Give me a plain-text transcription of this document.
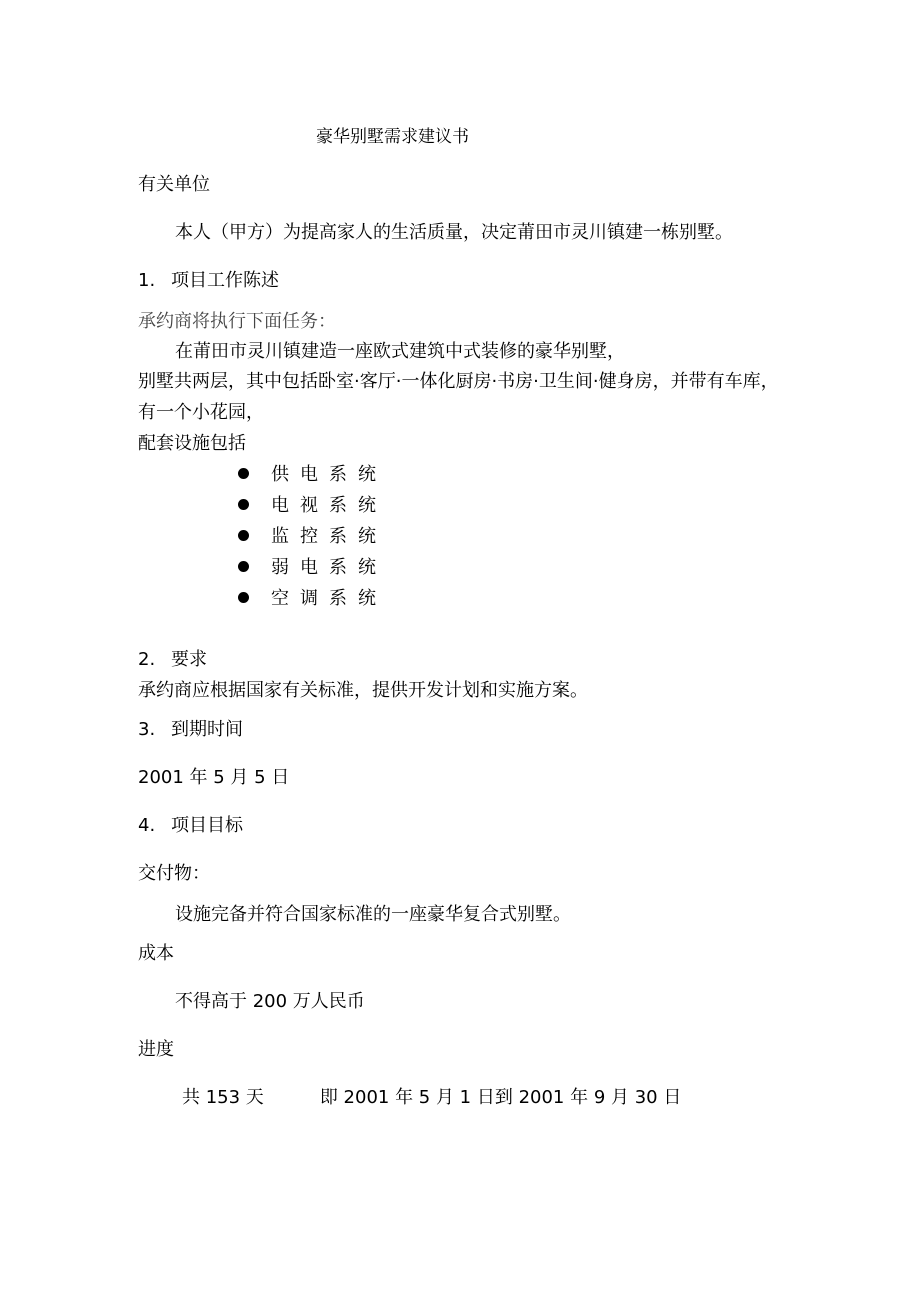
豪华别墅需求建议书
有关单位
本人（甲方）为提高家人的生活质量，决定莆田市灵川镇建一栋别墅。
1. 项目工作陈述
承约商将执行下面任务：
在莆田市灵川镇建造一座欧式建筑中式装修的豪华别墅，
别墅共两层，其中包括卧室·客厅·一体化厨房·书房·卫生间·健身房，并带有车库，
有一个小花园，
配套设施包括
供电系统
电视系统
监控系统
弱电系统
空调系统
2. 要求
承约商应根据国家有关标准，提供开发计划和实施方案。
3. 到期时间
2001 年 5 月 5 日
4. 项目目标
交付物：
设施完备并符合国家标准的一座豪华复合式别墅。
成本
不得高于 200 万人民币
进度
共 153 天	即 2001 年 5 月 1 日到 2001 年 9 月 30 日
